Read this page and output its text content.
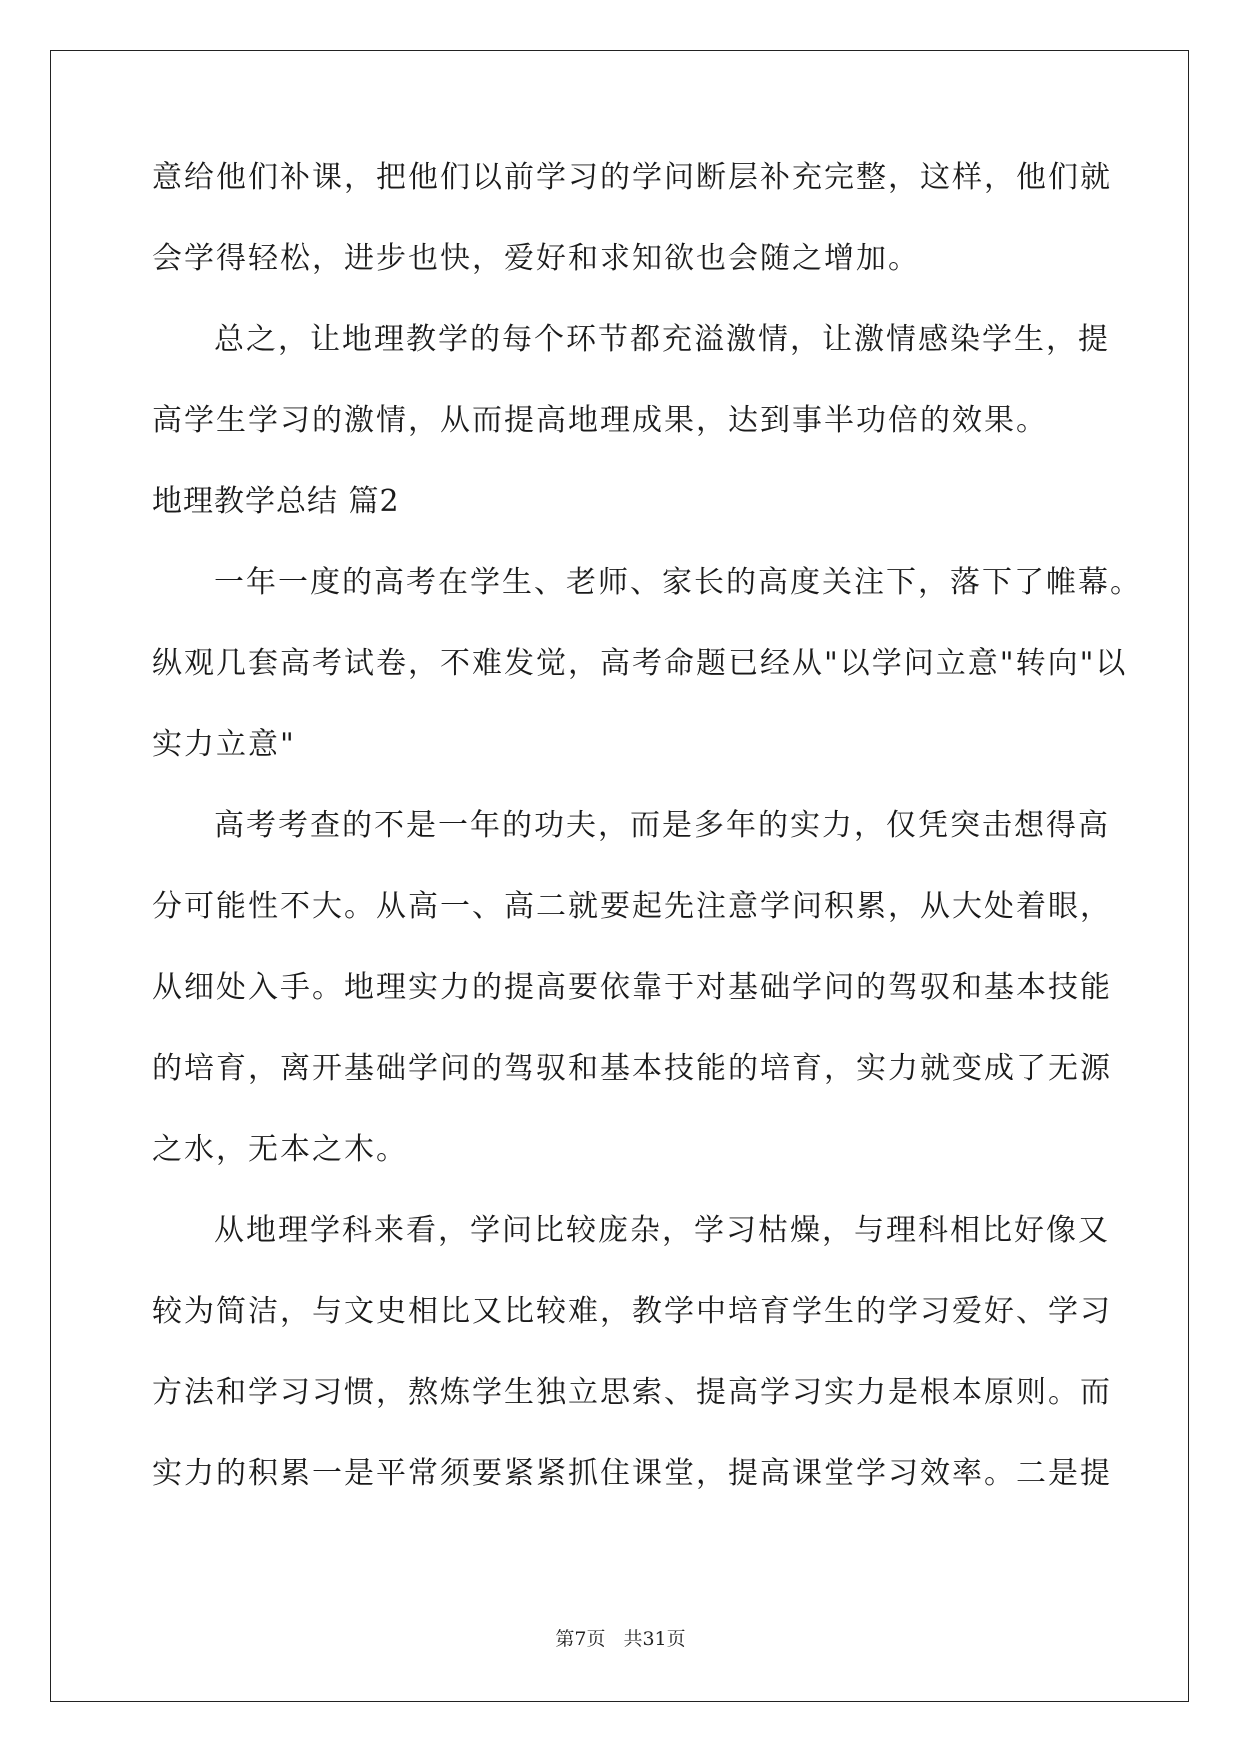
意给他们补课，把他们以前学习的学问断层补充完整，这样，他们就
会学得轻松，进步也快，爱好和求知欲也会随之增加。
总之，让地理教学的每个环节都充溢激情，让激情感染学生，提
高学生学习的激情，从而提高地理成果，达到事半功倍的效果。
地理教学总结 篇2
一年一度的高考在学生、老师、家长的高度关注下，落下了帷幕。
纵观几套高考试卷，不难发觉，高考命题已经从"以学问立意"转向"以
实力立意"
高考考查的不是一年的功夫，而是多年的实力，仅凭突击想得高
分可能性不大。从高一、高二就要起先注意学问积累，从大处着眼，
从细处入手。地理实力的提高要依靠于对基础学问的驾驭和基本技能
的培育，离开基础学问的驾驭和基本技能的培育，实力就变成了无源
之水，无本之木。
从地理学科来看，学问比较庞杂，学习枯燥，与理科相比好像又
较为简洁，与文史相比又比较难，教学中培育学生的学习爱好、学习
方法和学习习惯，熬炼学生独立思索、提高学习实力是根本原则。而
实力的积累一是平常须要紧紧抓住课堂，提高课堂学习效率。二是提
第7页 共31页
